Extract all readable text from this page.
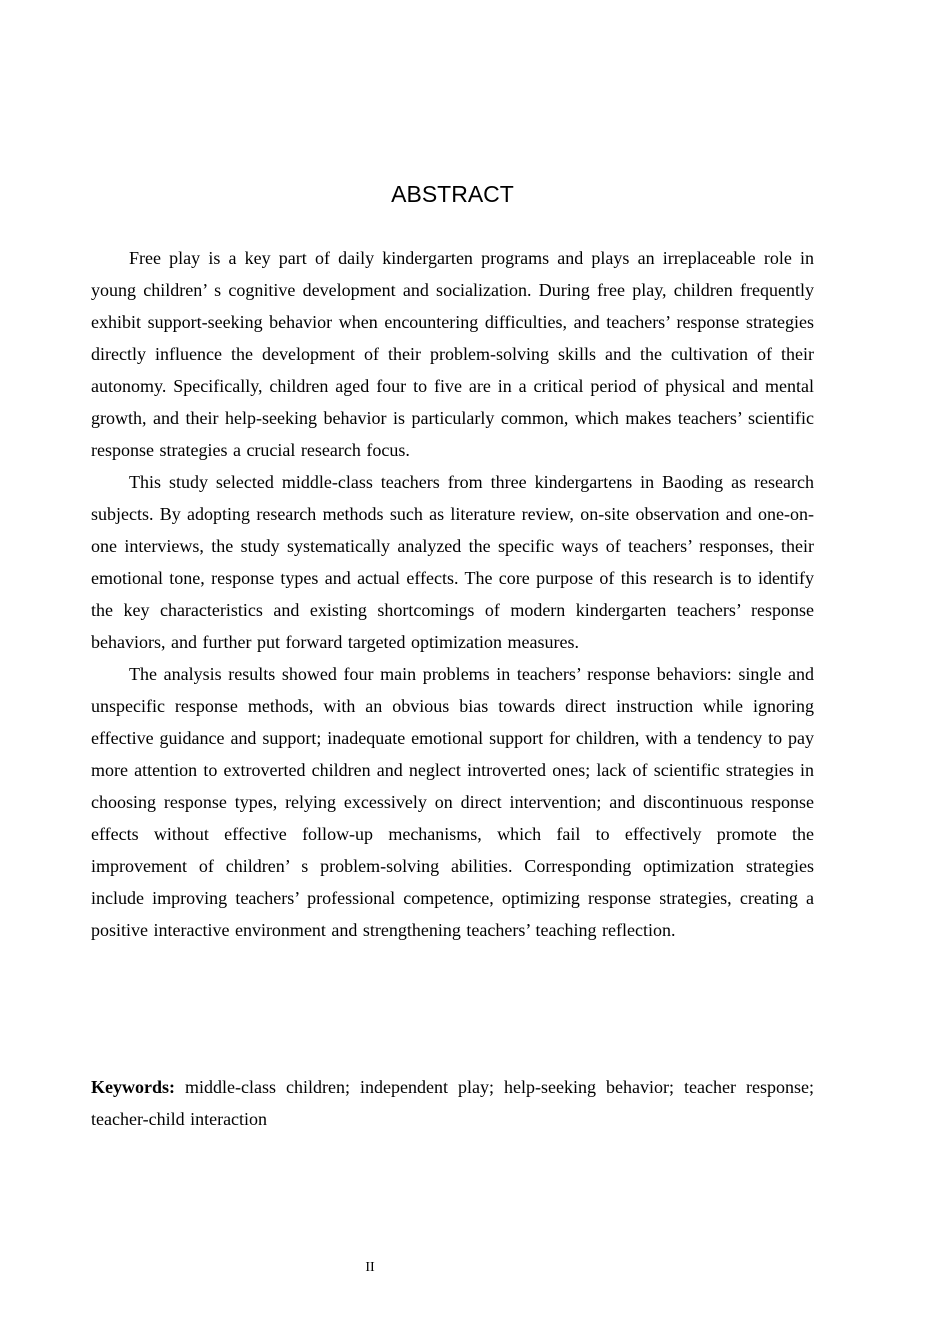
ABSTRACT

Free play is a key part of daily kindergarten programs and plays an irreplaceable role in young children’ s cognitive development and socialization. During free play, children frequently exhibit support-seeking behavior when encountering difficulties, and teachers’ response strategies directly influence the development of their problem-solving skills and the cultivation of their autonomy. Specifically, children aged four to five are in a critical period of physical and mental growth, and their help-seeking behavior is particularly common, which makes teachers’ scientific response strategies a crucial research focus.

This study selected middle-class teachers from three kindergartens in Baoding as research subjects. By adopting research methods such as literature review, on-site observation and one-on-one interviews, the study systematically analyzed the specific ways of teachers’ responses, their emotional tone, response types and actual effects. The core purpose of this research is to identify the key characteristics and existing shortcomings of modern kindergarten teachers’ response behaviors, and further put forward targeted optimization measures.

The analysis results showed four main problems in teachers’ response behaviors: single and unspecific response methods, with an obvious bias towards direct instruction while ignoring effective guidance and support; inadequate emotional support for children, with a tendency to pay more attention to extroverted children and neglect introverted ones; lack of scientific strategies in choosing response types, relying excessively on direct intervention; and discontinuous response effects without effective follow-up mechanisms, which fail to effectively promote the improvement of children’ s problem-solving abilities. Corresponding optimization strategies include improving teachers’ professional competence, optimizing response strategies, creating a positive interactive environment and strengthening teachers’ teaching reflection.

Keywords: middle-class children; independent play; help-seeking behavior; teacher response; teacher-child interaction

II
